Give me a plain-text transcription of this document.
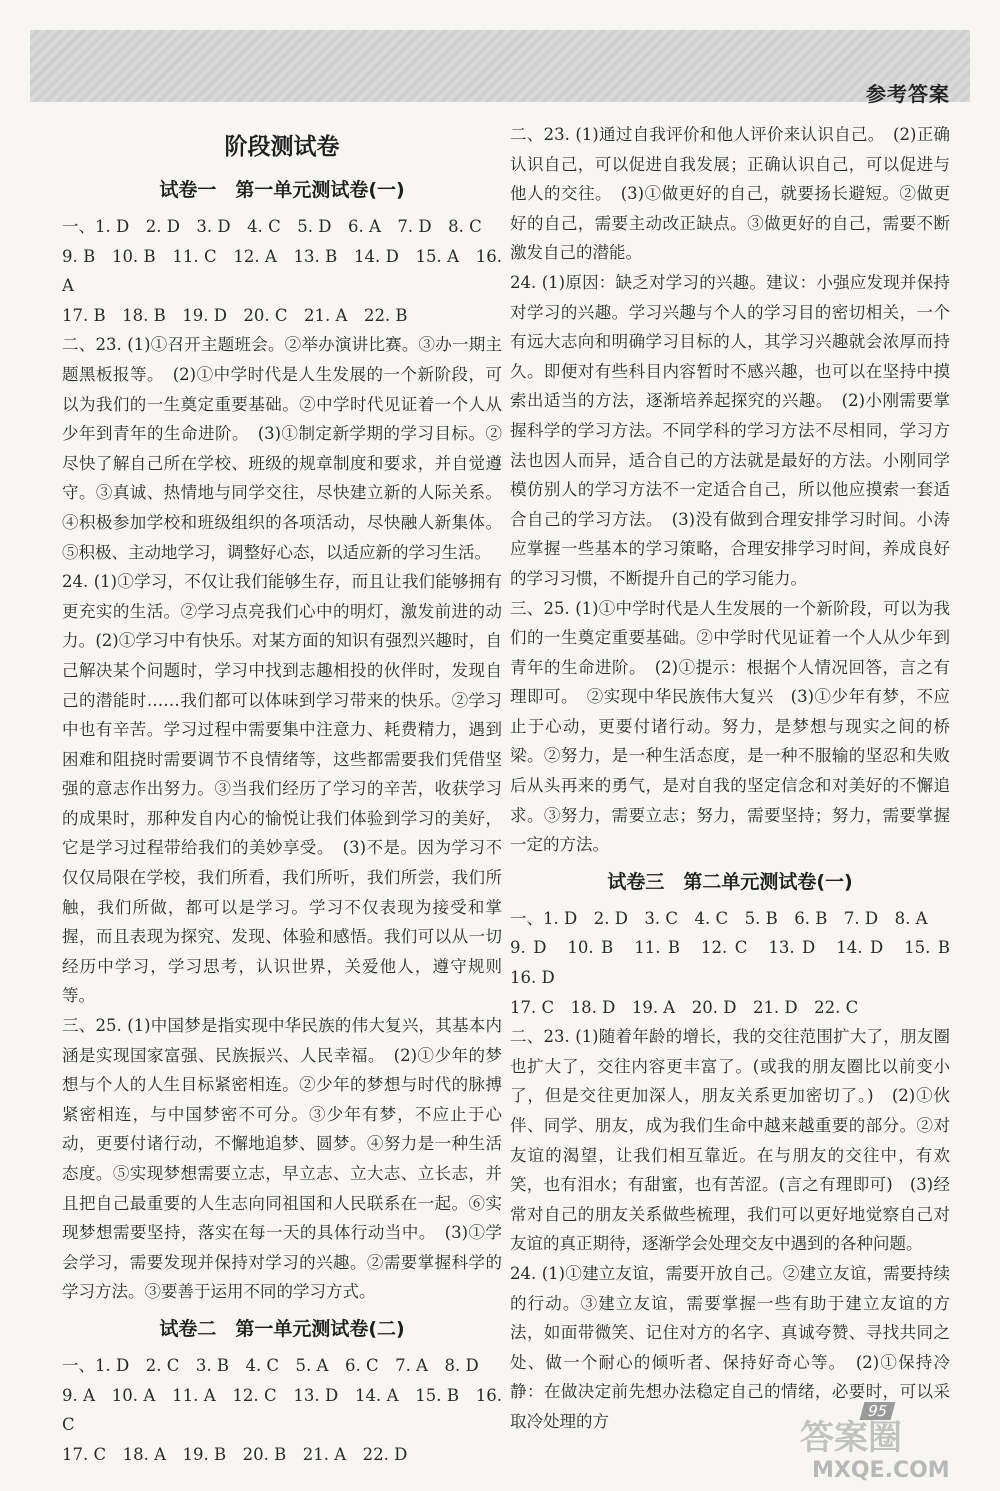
参考答案
阶段测试卷
试卷一　第一单元测试卷(一)

一、1. D　2. D　3. D　4. C　5. D　6. A　7. D　8. C
9. B　10. B　11. C　12. A　13. B　14. D　15. A　16. A
17. B　18. B　19. D　20. C　21. A　22. B

二、23. (1)①召开主题班会。②举办演讲比赛。③办一期主题黑板报等。　(2)①中学时代是人生发展的一个新阶段，可以为我们的一生奠定重要基础。②中学时代见证着一个人从少年到青年的生命进阶。　(3)①制定新学期的学习目标。②尽快了解自己所在学校、班级的规章制度和要求，并自觉遵守。③真诚、热情地与同学交往，尽快建立新的人际关系。④积极参加学校和班级组织的各项活动，尽快融人新集体。⑤积极、主动地学习，调整好心态，以适应新的学习生活。

24. (1)①学习，不仅让我们能够生存，而且让我们能够拥有更充实的生活。②学习点亮我们心中的明灯，激发前进的动力。(2)①学习中有快乐。对某方面的知识有强烈兴趣时，自己解决某个问题时，学习中找到志趣相投的伙伴时，发现自己的潜能时……我们都可以体味到学习带来的快乐。②学习中也有辛苦。学习过程中需要集中注意力、耗费精力，遇到困难和阻挠时需要调节不良情绪等，这些都需要我们凭借坚强的意志作出努力。③当我们经历了学习的辛苦，收获学习的成果时，那种发自内心的愉悦让我们体验到学习的美好，它是学习过程带给我们的美妙享受。　(3)不是。因为学习不仅仅局限在学校，我们所看，我们所听，我们所尝，我们所触，我们所做，都可以是学习。学习不仅表现为接受和掌握，而且表现为探究、发现、体验和感悟。我们可以从一切经历中学习，学习思考，认识世界，关爱他人，遵守规则等。

三、25. (1)中国梦是指实现中华民族的伟大复兴，其基本内涵是实现国家富强、民族振兴、人民幸福。　(2)①少年的梦想与个人的人生目标紧密相连。②少年的梦想与时代的脉搏紧密相连，与中国梦密不可分。③少年有梦，不应止于心动，更要付诸行动，不懈地追梦、圆梦。④努力是一种生活态度。⑤实现梦想需要立志，早立志、立大志、立长志，并且把自己最重要的人生志向同祖国和人民联系在一起。⑥实现梦想需要坚持，落实在每一天的具体行动当中。　(3)①学会学习，需要发现并保持对学习的兴趣。②需要掌握科学的学习方法。③要善于运用不同的学习方式。

试卷二　第一单元测试卷(二)

一、1. D　2. C　3. B　4. C　5. A　6. C　7. A　8. D
9. A　10. A　11. A　12. C　13. D　14. A　15. B　16. C
17. C　18. A　19. B　20. B　21. A　22. D

二、23. (1)通过自我评价和他人评价来认识自己。　(2)正确认识自己，可以促进自我发展；正确认识自己，可以促进与他人的交往。　(3)①做更好的自己，就要扬长避短。②做更好的自己，需要主动改正缺点。③做更好的自己，需要不断激发自己的潜能。

24. (1)原因：缺乏对学习的兴趣。建议：小强应发现并保持对学习的兴趣。学习兴趣与个人的学习目的密切相关，一个有远大志向和明确学习目标的人，其学习兴趣就会浓厚而持久。即便对有些科目内容暂时不感兴趣，也可以在坚持中摸索出适当的方法，逐渐培养起探究的兴趣。　(2)小刚需要掌握科学的学习方法。不同学科的学习方法不尽相同，学习方法也因人而异，适合自己的方法就是最好的方法。小刚同学模仿别人的学习方法不一定适合自己，所以他应摸索一套适合自己的学习方法。　(3)没有做到合理安排学习时间。小涛应掌握一些基本的学习策略，合理安排学习时间，养成良好的学习习惯，不断提升自己的学习能力。

三、25. (1)①中学时代是人生发展的一个新阶段，可以为我们的一生奠定重要基础。②中学时代见证着一个人从少年到青年的生命进阶。　(2)①提示：根据个人情况回答，言之有理即可。　②实现中华民族伟大复兴　(3)①少年有梦，不应止于心动，更要付诸行动。努力，是梦想与现实之间的桥梁。②努力，是一种生活态度，是一种不服输的坚忍和失败后从头再来的勇气，是对自我的坚定信念和对美好的不懈追求。③努力，需要立志；努力，需要坚持；努力，需要掌握一定的方法。

试卷三　第二单元测试卷(一)

一、1. D　2. D　3. C　4. C　5. B　6. B　7. D　8. A
9. D　10. B　11. B　12. C　13. D　14. D　15. B　16. D
17. C　18. D　19. A　20. D　21. D　22. C

二、23. (1)随着年龄的增长，我的交往范围扩大了，朋友圈也扩大了，交往内容更丰富了。(或我的朋友圈比以前变小了，但是交往更加深人，朋友关系更加密切了。)　(2)①伙伴、同学、朋友，成为我们生命中越来越重要的部分。②对友谊的渴望，让我们相互靠近。在与朋友的交往中，有欢笑，也有泪水；有甜蜜，也有苦涩。(言之有理即可)　(3)经常对自己的朋友关系做些梳理，我们可以更好地觉察自己对友谊的真正期待，逐渐学会处理交友中遇到的各种问题。

24. (1)①建立友谊，需要开放自己。②建立友谊，需要持续的行动。③建立友谊，需要掌握一些有助于建立友谊的方法，如面带微笑、记住对方的名字、真诚夸赞、寻找共同之处、做一个耐心的倾听者、保持好奇心等。　(2)①保持冷静：在做决定前先想办法稳定自己的情绪，必要时，可以采取冷处理的方

95
答案圈
MXQE.COM
